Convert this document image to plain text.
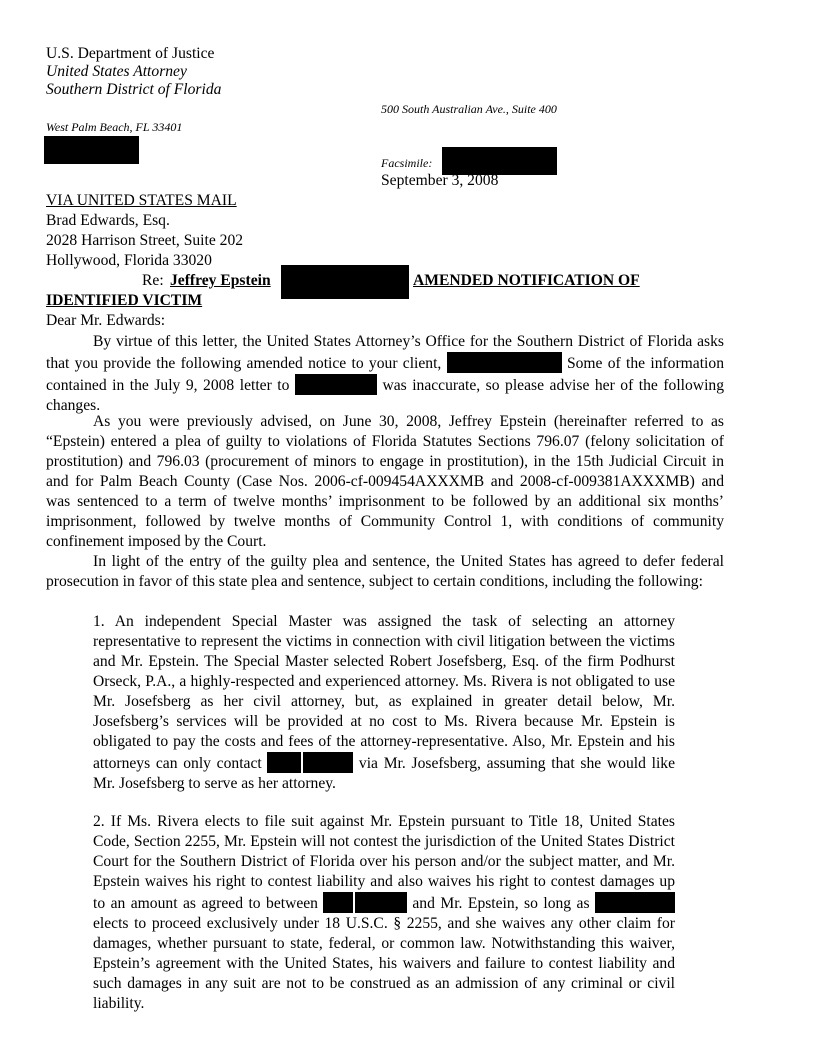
U.S. Department of Justice
United States Attorney
Southern District of Florida
500 South Australian Ave., Suite 400
West Palm Beach, FL 33401
Facsimile:
September 3, 2008
VIA UNITED STATES MAIL
Brad Edwards, Esq.
2028 Harrison Street, Suite 202
Hollywood, Florida 33020
Re: Jeffrey Epstein	AMENDED NOTIFICATION OF
IDENTIFIED VICTIM
Dear Mr. Edwards:
By virtue of this letter, the United States Attorney’s Office for the Southern District of Florida asks that you provide the following amended notice to your client,	Some of the information contained in the July 9, 2008 letter to	was inaccurate, so please advise her of the following changes.
As you were previously advised, on June 30, 2008, Jeffrey Epstein (hereinafter referred to as “Epstein) entered a plea of guilty to violations of Florida Statutes Sections 796.07 (felony solicitation of prostitution) and 796.03 (procurement of minors to engage in prostitution), in the 15th Judicial Circuit in and for Palm Beach County (Case Nos. 2006-cf-009454AXXXMB and 2008-cf-009381AXXXMB) and was sentenced to a term of twelve months’ imprisonment to be followed by an additional six months’ imprisonment, followed by twelve months of Community Control 1, with conditions of community confinement imposed by the Court.
In light of the entry of the guilty plea and sentence, the United States has agreed to defer federal prosecution in favor of this state plea and sentence, subject to certain conditions, including the following:
1. An independent Special Master was assigned the task of selecting an attorney representative to represent the victims in connection with civil litigation between the victims and Mr. Epstein. The Special Master selected Robert Josefsberg, Esq. of the firm Podhurst Orseck, P.A., a highly-respected and experienced attorney. Ms. Rivera is not obligated to use Mr. Josefsberg as her civil attorney, but, as explained in greater detail below, Mr. Josefsberg’s services will be provided at no cost to Ms. Rivera because Mr. Epstein is obligated to pay the costs and fees of the attorney-representative. Also, Mr. Epstein and his attorneys can only contact	via Mr. Josefsberg, assuming that she would like Mr. Josefsberg to serve as her attorney.
2. If Ms. Rivera elects to file suit against Mr. Epstein pursuant to Title 18, United States Code, Section 2255, Mr. Epstein will not contest the jurisdiction of the United States District Court for the Southern District of Florida over his person and/or the subject matter, and Mr. Epstein waives his right to contest liability and also waives his right to contest damages up to an amount as agreed to between	and Mr. Epstein, so long as  elects to proceed exclusively under 18 U.S.C. § 2255, and she waives any other claim for damages, whether pursuant to state, federal, or common law. Notwithstanding this waiver, Epstein’s agreement with the United States, his waivers and failure to contest liability and such damages in any suit are not to be construed as an admission of any criminal or civil liability.
